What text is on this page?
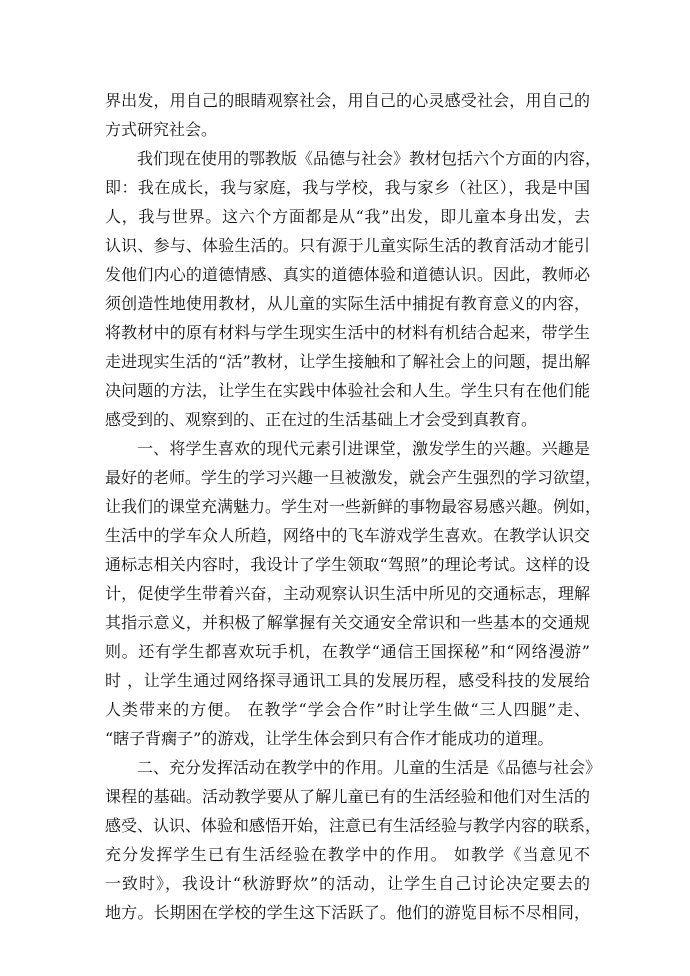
界出发，用自己的眼睛观察社会，用自己的心灵感受社会，用自己的
方式研究社会。
我们现在使用的鄂教版《品德与社会》教材包括六个方面的内容，
即：我在成长，我与家庭，我与学校，我与家乡（社区），我是中国
人，我与世界。这六个方面都是从“我”出发，即儿童本身出发，去
认识、参与、体验生活的。只有源于儿童实际生活的教育活动才能引
发他们内心的道德情感、真实的道德体验和道德认识。因此，教师必
须创造性地使用教材，从儿童的实际生活中捕捉有教育意义的内容，
将教材中的原有材料与学生现实生活中的材料有机结合起来，带学生
走进现实生活的“活”教材，让学生接触和了解社会上的问题，提出解
决问题的方法，让学生在实践中体验社会和人生。学生只有在他们能
感受到的、观察到的、正在过的生活基础上才会受到真教育。
一、将学生喜欢的现代元素引进课堂，激发学生的兴趣。兴趣是
最好的老师。学生的学习兴趣一旦被激发，就会产生强烈的学习欲望，
让我们的课堂充满魅力。学生对一些新鲜的事物最容易感兴趣。例如，
生活中的学车众人所趋，网络中的飞车游戏学生喜欢。在教学认识交
通标志相关内容时，我设计了学生领取“驾照”的理论考试。这样的设
计，促使学生带着兴奋，主动观察认识生活中所见的交通标志，理解
其指示意义，并积极了解掌握有关交通安全常识和一些基本的交通规
则。还有学生都喜欢玩手机，在教学“通信王国探秘”和“网络漫游”
时 ，让学生通过网络探寻通讯工具的发展历程，感受科技的发展给
人类带来的方便。 在教学“学会合作”时让学生做“三人四腿”走、
“瞎子背瘸子”的游戏，让学生体会到只有合作才能成功的道理。
二、充分发挥活动在教学中的作用。儿童的生活是《品德与社会》
课程的基础。活动教学要从了解儿童已有的生活经验和他们对生活的
感受、认识、体验和感悟开始，注意已有生活经验与教学内容的联系，
充分发挥学生已有生活经验在教学中的作用。 如教学《当意见不
一致时》，我设计“秋游野炊”的活动，让学生自己讨论决定要去的
地方。长期困在学校的学生这下活跃了。他们的游览目标不尽相同，
